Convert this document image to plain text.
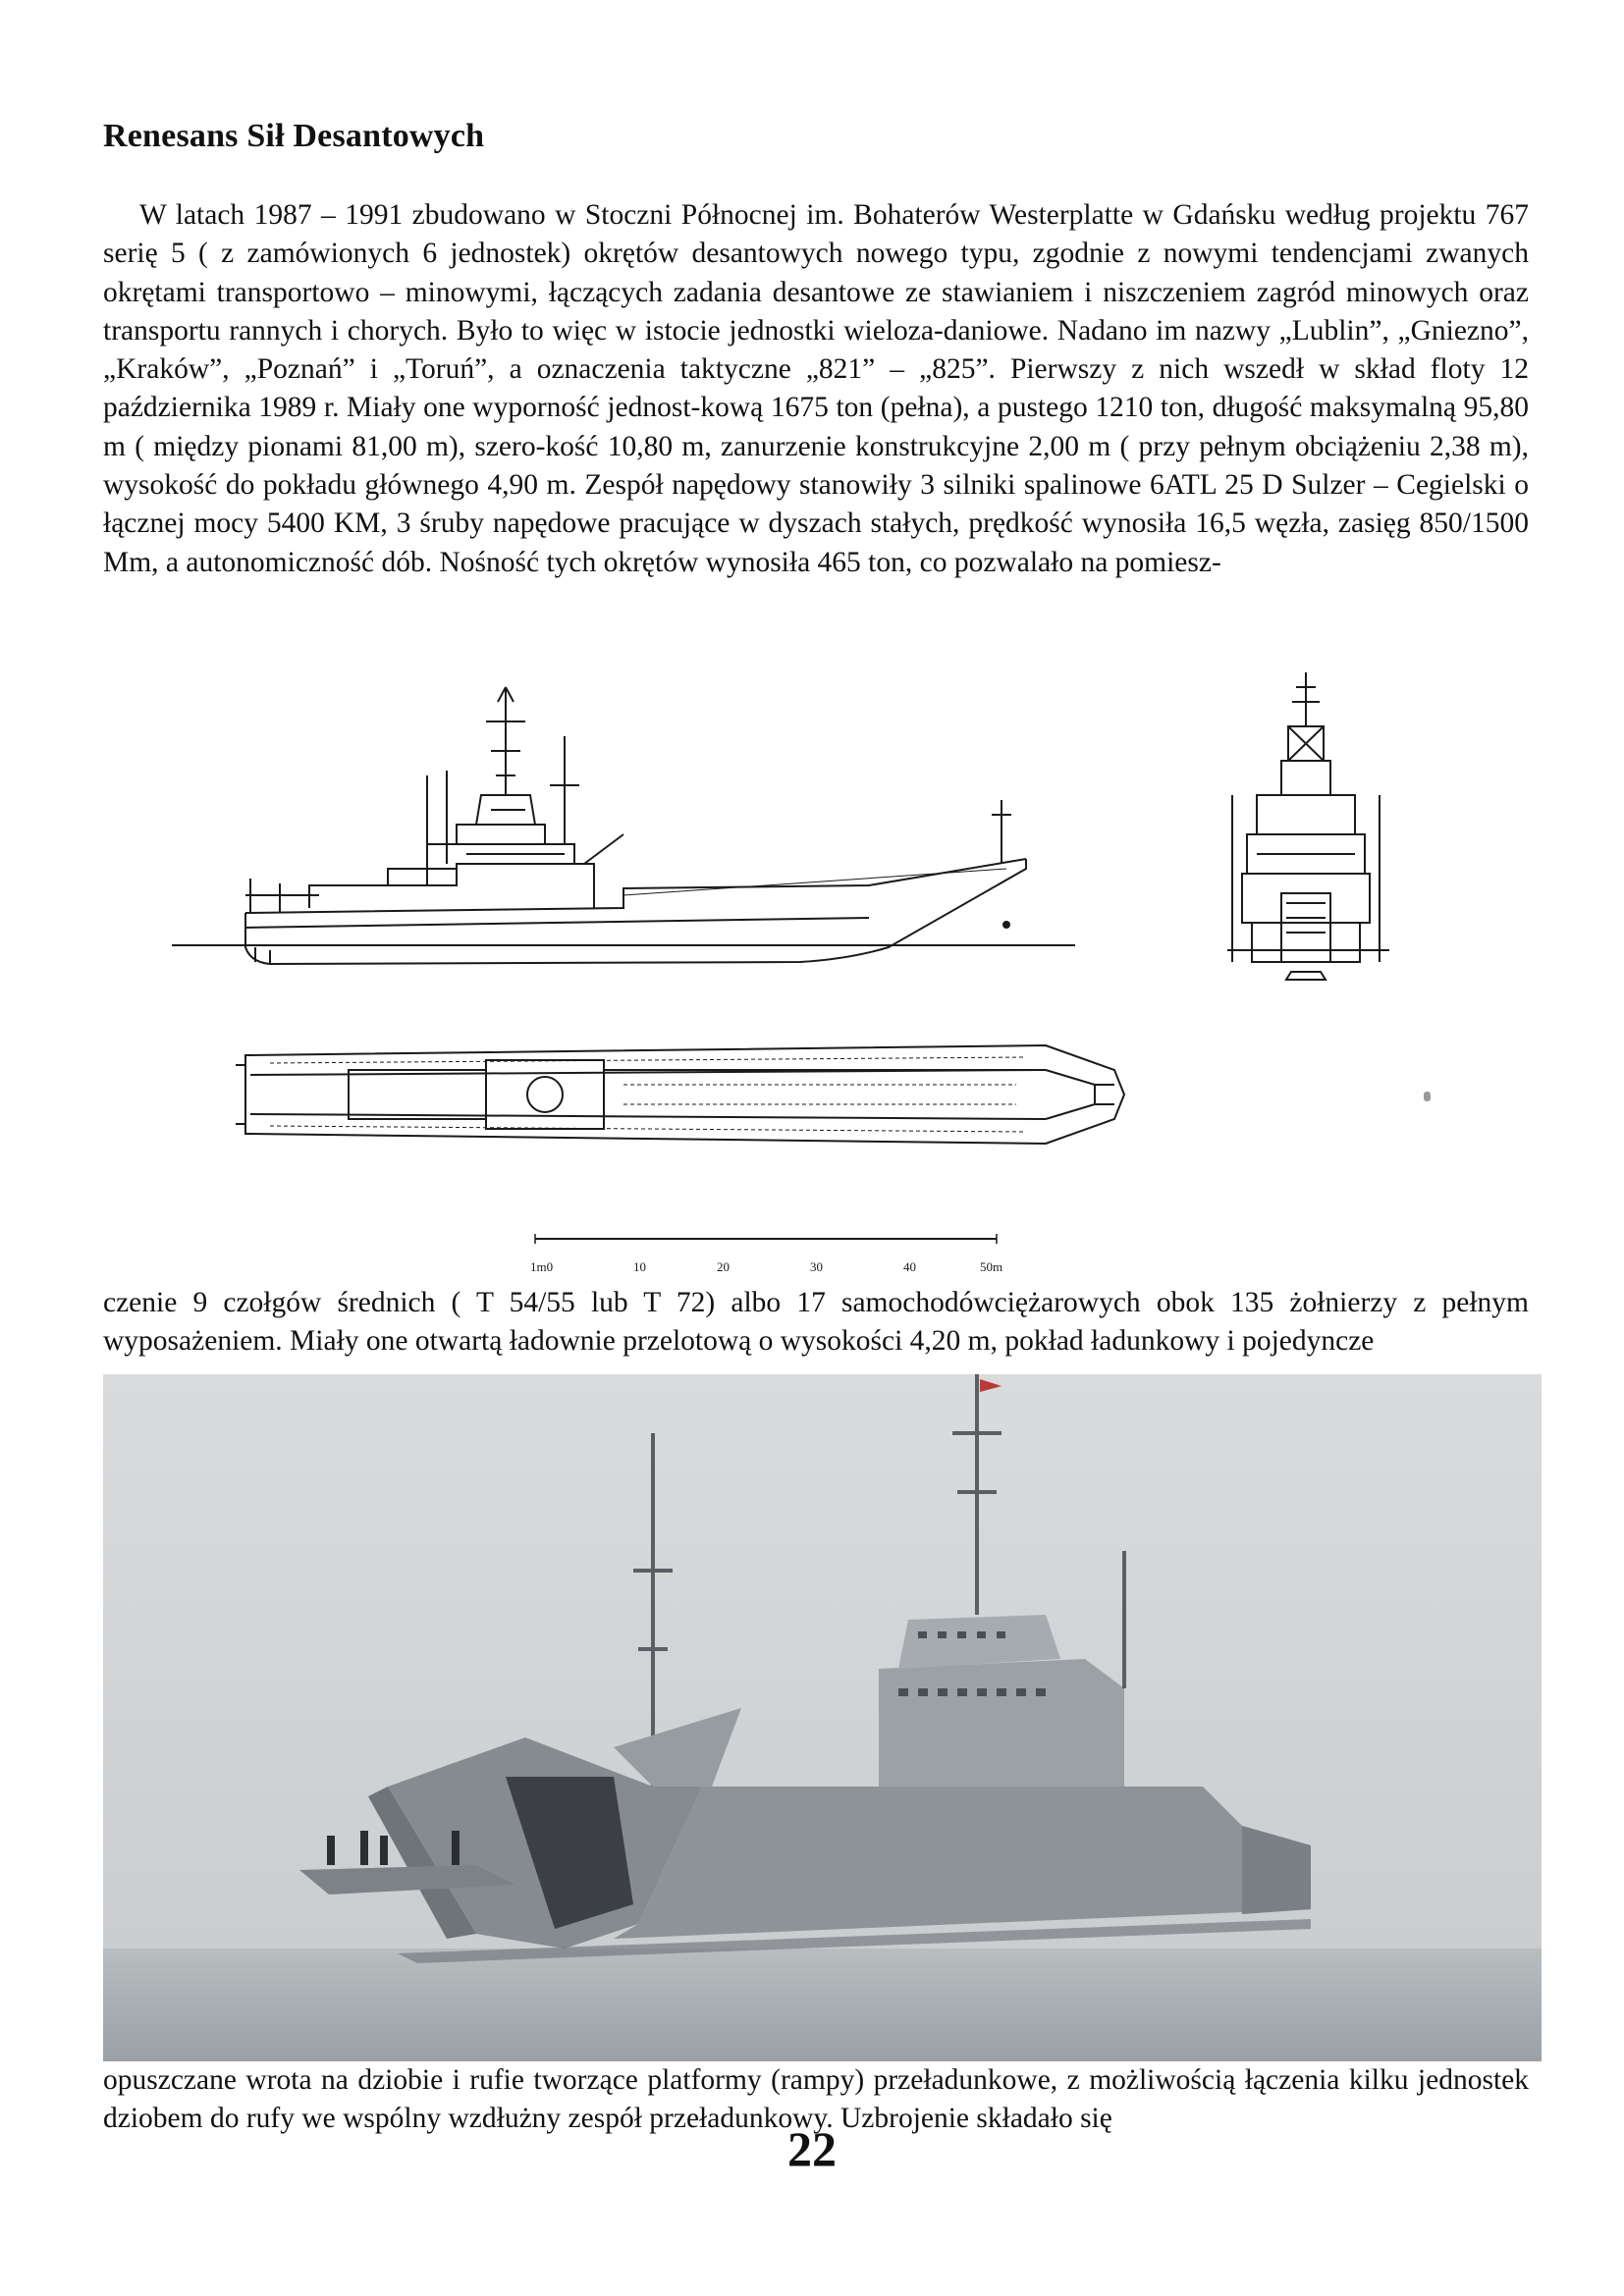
Renesans Sił Desantowych

W latach 1987 – 1991 zbudowano w Stoczni Północnej im. Bohaterów Westerplatte w Gdańsku według projektu 767 serię 5 ( z zamówionych 6 jednostek) okrętów desantowych nowego typu, zgodnie z nowymi tendencjami zwanych okrętami transportowo – minowymi, łączących zadania desantowe ze stawianiem i niszczeniem zagród minowych oraz transportu rannych i chorych. Było to więc w istocie jednostki wieloza-daniowe. Nadano im nazwy „Lublin”, „Gniezno”, „Kraków”, „Poznań” i „Toruń”, a oznaczenia taktyczne „821” – „825”. Pierwszy z nich wszedł w skład floty 12 października 1989 r. Miały one wyporność jednost-kową 1675 ton (pełna), a pustego 1210 ton, długość maksymalną 95,80 m ( między pionami 81,00 m), szero-kość 10,80 m, zanurzenie konstrukcyjne 2,00 m ( przy pełnym obciążeniu 2,38 m), wysokość do pokładu głównego 4,90 m. Zespół napędowy stanowiły 3 silniki spalinowe 6ATL 25 D Sulzer – Cegielski o łącznej mocy 5400 KM, 3 śruby napędowe pracujące w dyszach stałych, prędkość wynosiła 16,5 węzła, zasięg 850/1500 Mm, a autonomiczność dób. Nośność tych okrętów wynosiła 465 ton, co pozwalało na pomiesz-

1m0	10	20	30	40	50m

czenie 9 czołgów średnich ( T 54/55 lub T 72) albo 17 samochodówciężarowych obok 135 żołnierzy z pełnym wyposażeniem. Miały one otwartą ładownie przelotową o wysokości 4,20 m, pokład ładunkowy i pojedyncze

opuszczane wrota na dziobie i rufie tworzące platformy (rampy) przeładunkowe, z możliwością łączenia kilku jednostek dziobem do rufy we wspólny wzdłużny zespół przeładunkowy. Uzbrojenie składało się

22
